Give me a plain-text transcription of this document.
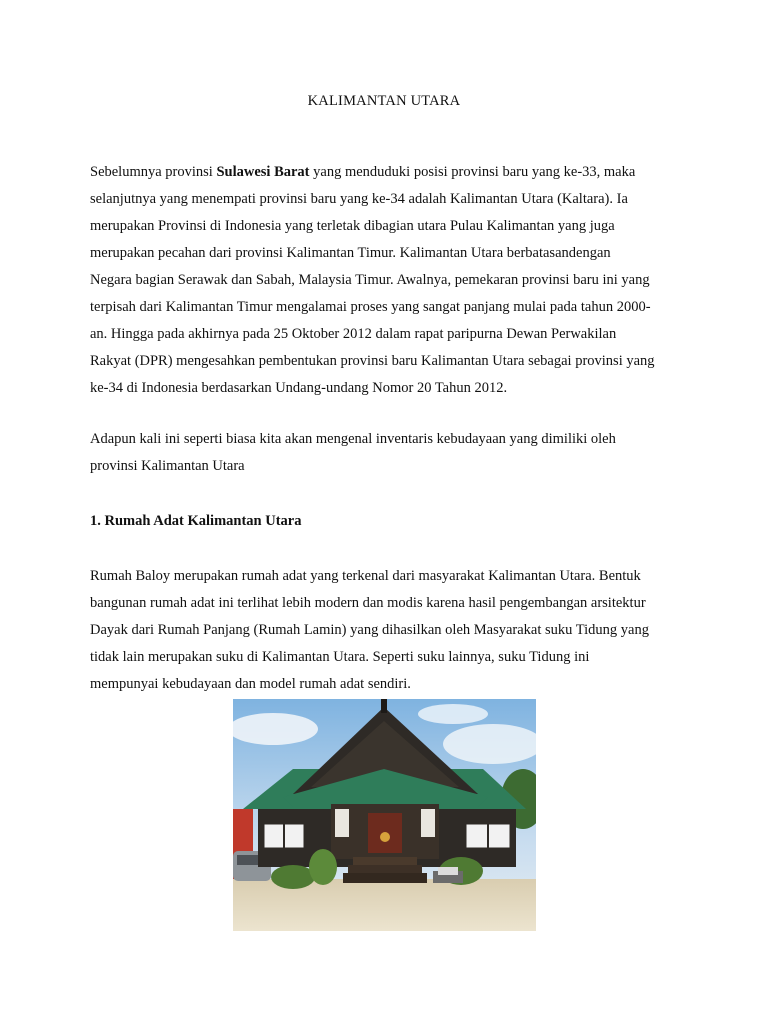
KALIMANTAN UTARA
Sebelumnya provinsi Sulawesi Barat yang menduduki posisi provinsi baru yang ke-33, maka
selanjutnya yang menempati provinsi baru yang ke-34 adalah Kalimantan Utara (Kaltara). Ia
merupakan Provinsi di Indonesia yang terletak dibagian utara Pulau Kalimantan yang juga
merupakan pecahan dari provinsi Kalimantan Timur. Kalimantan Utara berbatasandengan
Negara bagian Serawak dan Sabah, Malaysia Timur. Awalnya, pemekaran provinsi baru ini yang
terpisah dari Kalimantan Timur mengalamai proses yang sangat panjang mulai pada tahun 2000-
an. Hingga pada akhirnya pada 25 Oktober 2012 dalam rapat paripurna Dewan Perwakilan
Rakyat (DPR) mengesahkan pembentukan provinsi baru Kalimantan Utara sebagai provinsi yang
ke-34 di Indonesia berdasarkan Undang-undang Nomor 20 Tahun 2012.
Adapun kali ini seperti biasa kita akan mengenal inventaris kebudayaan yang dimiliki oleh
provinsi Kalimantan Utara
1. Rumah Adat Kalimantan Utara
Rumah Baloy merupakan rumah adat yang terkenal dari masyarakat Kalimantan Utara. Bentuk
bangunan rumah adat ini terlihat lebih modern dan modis karena hasil pengembangan arsitektur
Dayak dari Rumah Panjang (Rumah Lamin) yang dihasilkan oleh Masyarakat suku Tidung yang
tidak lain merupakan suku di Kalimantan Utara. Seperti suku lainnya, suku Tidung ini
mempunyai kebudayaan dan model rumah adat sendiri.
